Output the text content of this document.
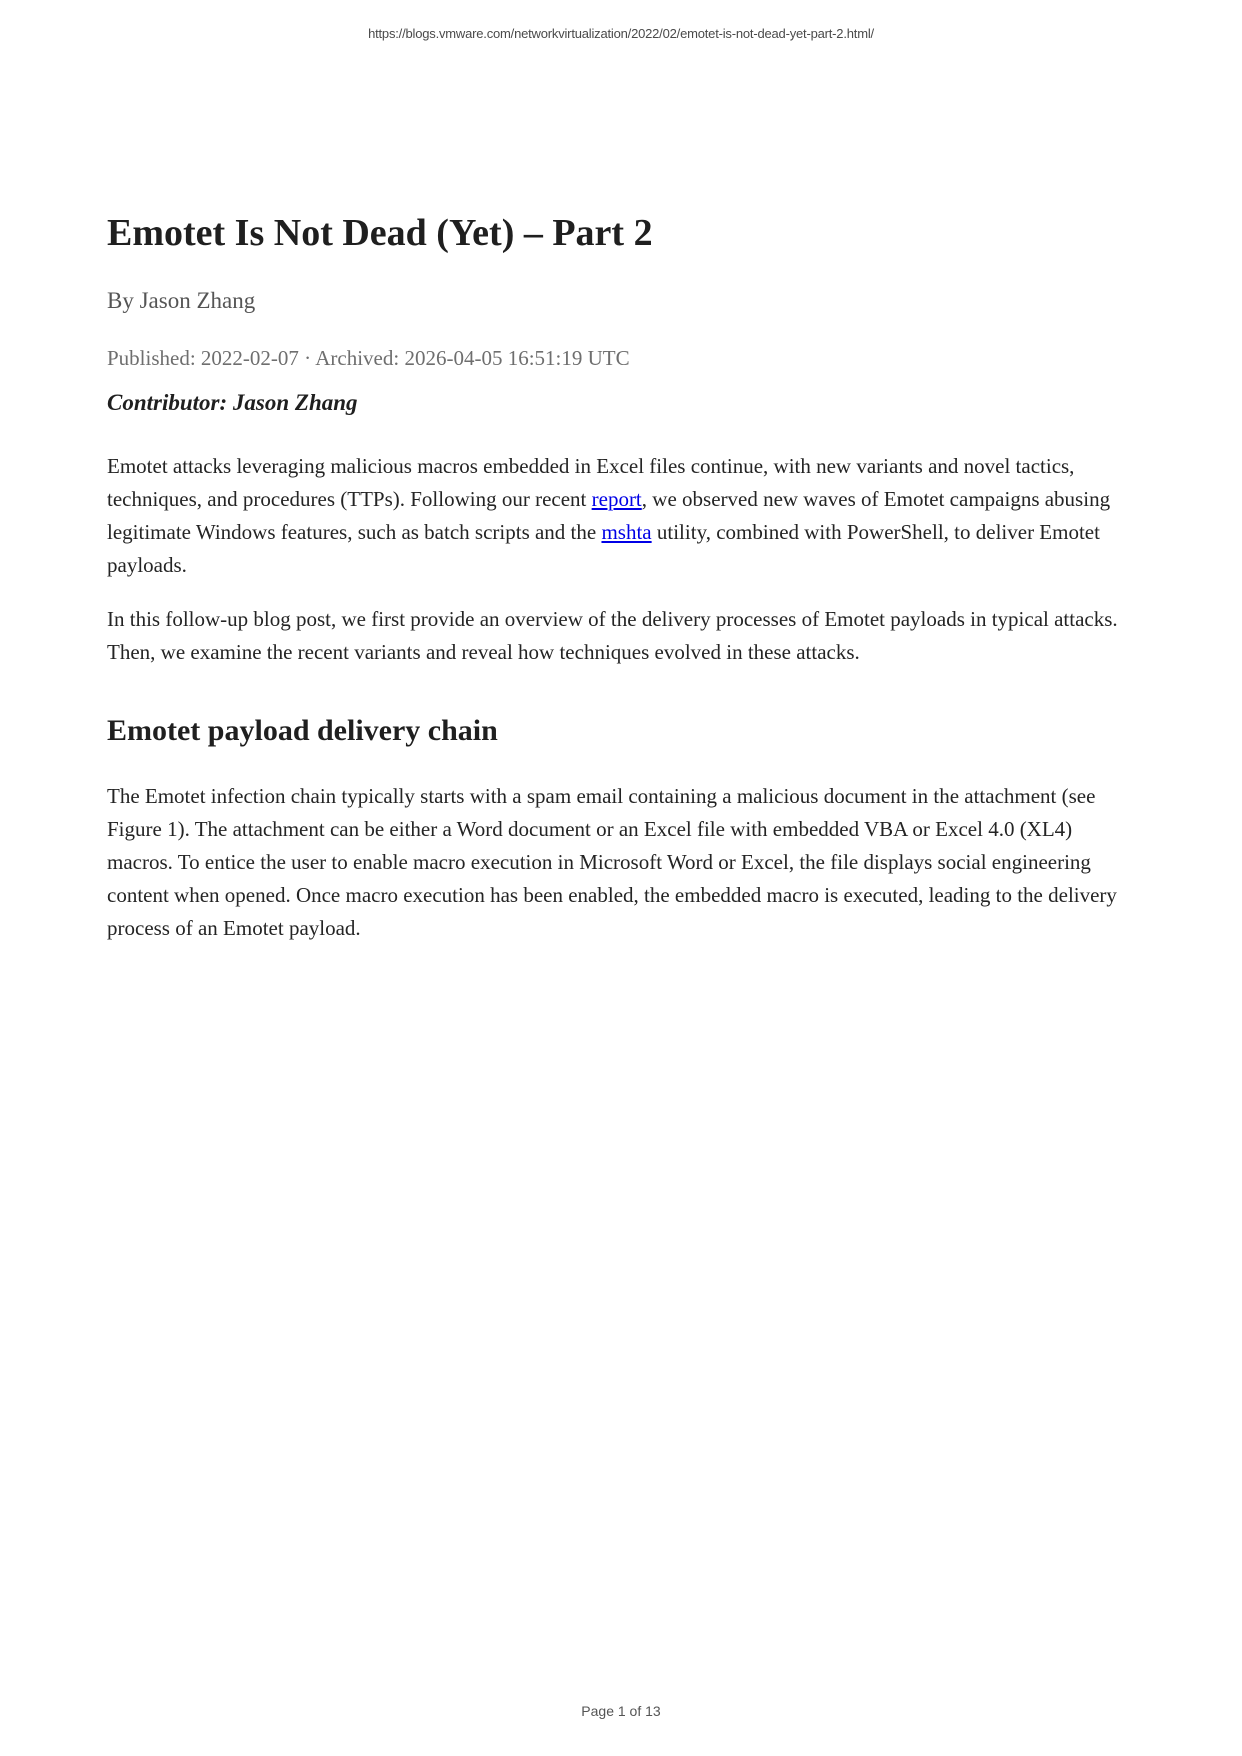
https://blogs.vmware.com/networkvirtualization/2022/02/emotet-is-not-dead-yet-part-2.html/
Emotet Is Not Dead (Yet) – Part 2
By Jason Zhang
Published: 2022-02-07 · Archived: 2026-04-05 16:51:19 UTC
Contributor: Jason Zhang

Emotet attacks leveraging malicious macros embedded in Excel files continue, with new variants and novel tactics, techniques, and procedures (TTPs). Following our recent report, we observed new waves of Emotet campaigns abusing legitimate Windows features, such as batch scripts and the mshta utility, combined with PowerShell, to deliver Emotet payloads.

In this follow-up blog post, we first provide an overview of the delivery processes of Emotet payloads in typical attacks. Then, we examine the recent variants and reveal how techniques evolved in these attacks.

Emotet payload delivery chain

The Emotet infection chain typically starts with a spam email containing a malicious document in the attachment (see Figure 1). The attachment can be either a Word document or an Excel file with embedded VBA or Excel 4.0 (XL4) macros. To entice the user to enable macro execution in Microsoft Word or Excel, the file displays social engineering content when opened. Once macro execution has been enabled, the embedded macro is executed, leading to the delivery process of an Emotet payload.

Page 1 of 13
